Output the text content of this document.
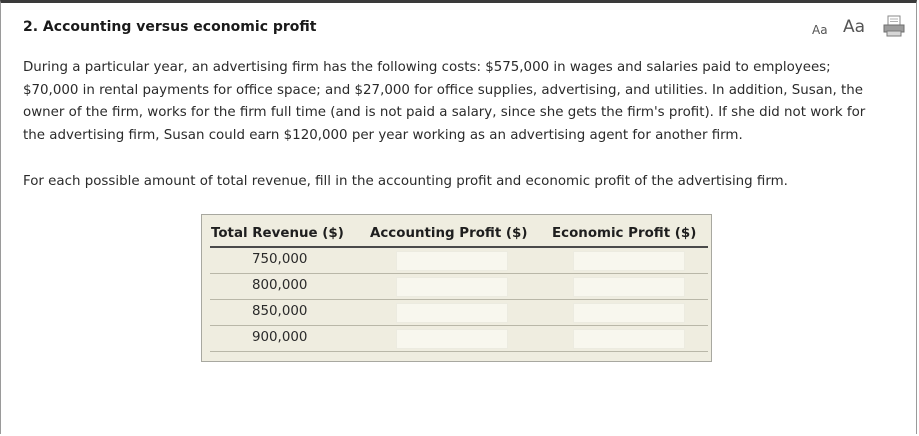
2. Accounting versus economic profit	Aa Aa

During a particular year, an advertising firm has the following costs: $575,000 in wages and salaries paid to employees;
$70,000 in rental payments for office space; and $27,000 for office supplies, advertising, and utilities. In addition, Susan, the
owner of the firm, works for the firm full time (and is not paid a salary, since she gets the firm's profit). If she did not work for
the advertising firm, Susan could earn $120,000 per year working as an advertising agent for another firm.

For each possible amount of total revenue, fill in the accounting profit and economic profit of the advertising firm.

Total Revenue ($) Accounting Profit ($) Economic Profit ($)
750,000
800,000
850,000
900,000
